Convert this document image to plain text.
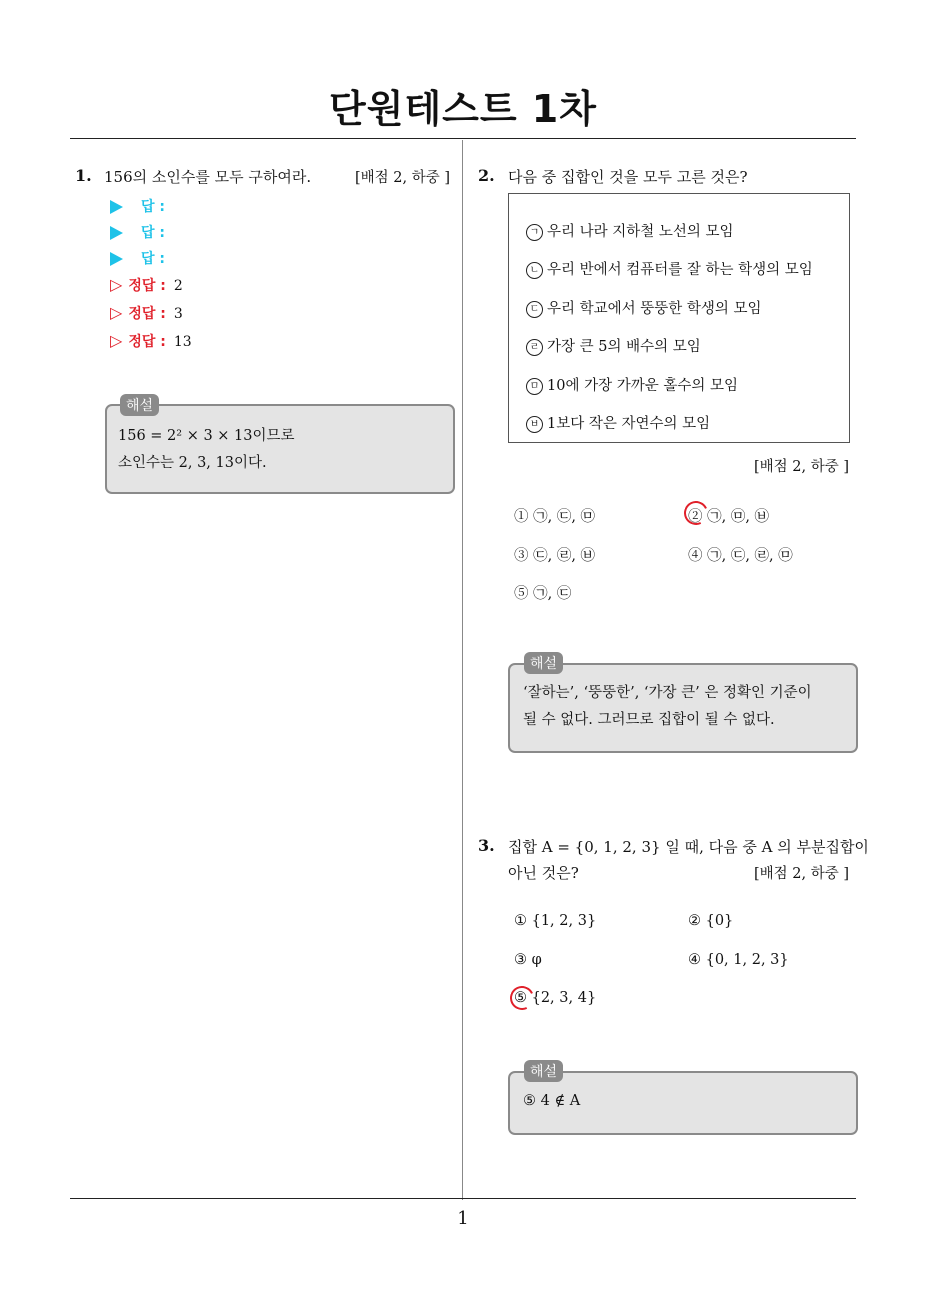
단원테스트 1차
1
1. 156의 소인수를 모두 구하여라.	[배점 2, 하중 ]
답 :
답 :
답 :
▷ 정답 : 2
▷ 정답 : 3
▷ 정답 : 13
해설
156 = 2² × 3 × 13이므로
소인수는 2, 3, 13이다.
2. 다음 중 집합인 것을 모두 고른 것은?
ㄱ 우리 나라 지하철 노선의 모임
ㄴ 우리 반에서 컴퓨터를 잘 하는 학생의 모임
ㄷ 우리 학교에서 뚱뚱한 학생의 모임
ㄹ 가장 큰 5의 배수의 모임
ㅁ 10에 가장 가까운 홀수의 모임
ㅂ 1보다 작은 자연수의 모임
[배점 2, 하중 ]
① ㉠, ㉢, ㉤	② ㉠, ㉤, ㉥
③ ㉢, ㉣, ㉥	④ ㉠, ㉢, ㉣, ㉤
⑤ ㉠, ㉢
해설
‘잘하는’, ‘뚱뚱한’, ‘가장 큰’ 은 정확인 기준이
될 수 없다. 그러므로 집합이 될 수 없다.
3. 집합 A = {0, 1, 2, 3} 일 때, 다음 중 A 의 부분집합이
아닌 것은?	[배점 2, 하중 ]
① {1, 2, 3}	② {0}
③ φ	④ {0, 1, 2, 3}
⑤ {2, 3, 4}
해설
⑤ 4 ∉ A
